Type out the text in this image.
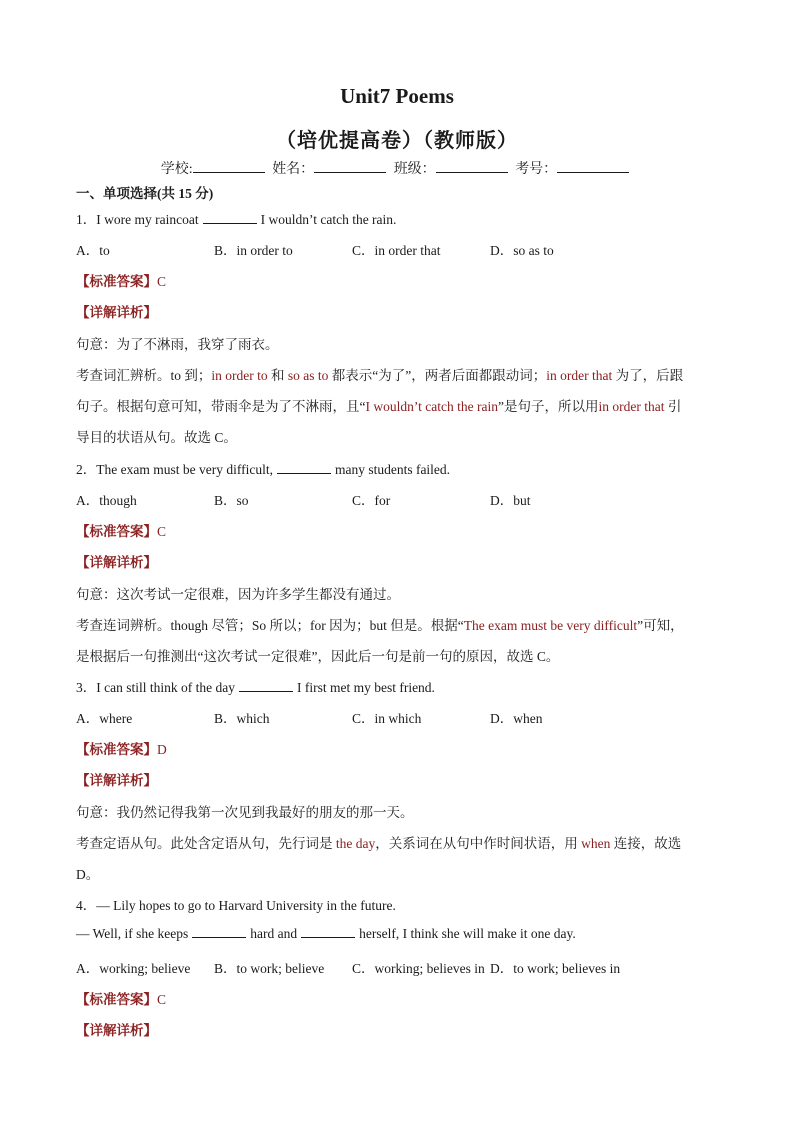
Unit7 Poems
（培优提高卷）（教师版）
学校:	姓名：	班级：	考号：
一、单项选择(共 15 分)
1．I wore my raincoat	I wouldn’t catch the rain.
A．to	B．in order to	C．in order that	D．so as to
【标准答案】C
【详解详析】
句意：为了不淋雨，我穿了雨衣。
考查词汇辨析。to 到；in order to 和 so as to 都表示“为了”，两者后面都跟动词；in order that 为了，后跟
句子。根据句意可知，带雨伞是为了不淋雨，且“I wouldn’t catch the rain”是句子，所以用in order that 引
导目的状语从句。故选 C。
2．The exam must be very difficult,	many students failed.
A．though	B．so	C．for	D．but
【标准答案】C
【详解详析】
句意：这次考试一定很难，因为许多学生都没有通过。
考查连词辨析。though 尽管；So 所以；for 因为；but 但是。根据“The exam must be very difficult”可知，
是根据后一句推测出“这次考试一定很难”，因此后一句是前一句的原因，故选 C。
3．I can still think of the day	I first met my best friend.
A．where	B．which	C．in which	D．when
【标准答案】D
【详解详析】
句意：我仍然记得我第一次见到我最好的朋友的那一天。
考查定语从句。此处含定语从句，先行词是 the day，关系词在从句中作时间状语，用 when 连接，故选
D。
4．— Lily hopes to go to Harvard University in the future.
— Well, if she keeps	hard and	herself, I think she will make it one day.
A．working; believe B．to work; believe C．working; believes in D．to work; believes in
【标准答案】C
【详解详析】
